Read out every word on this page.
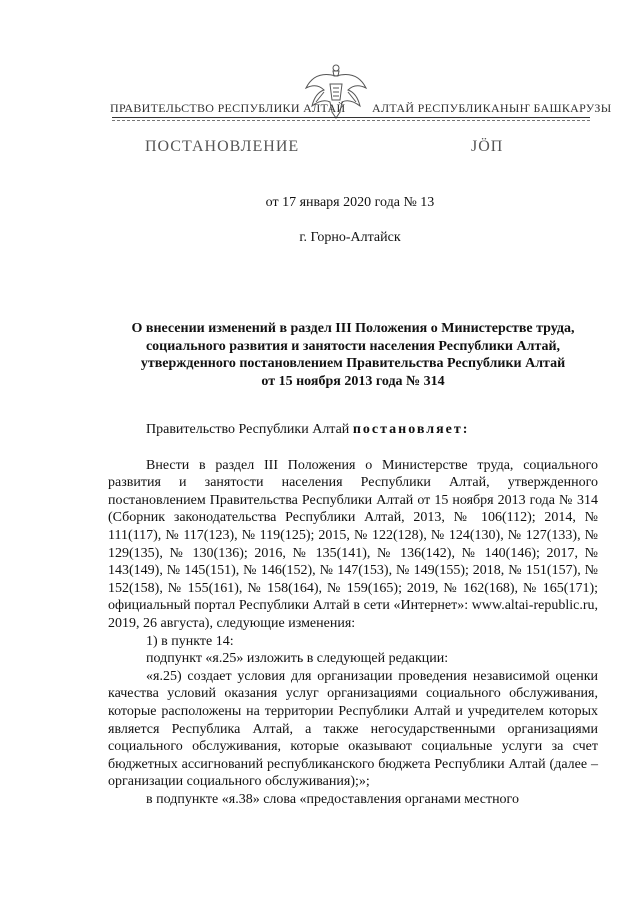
ПРАВИТЕЛЬСТВО РЕСПУБЛИКИ АЛТАЙ АЛТАЙ РЕСПУБЛИКАНЫҤ БАШКАРУЗЫ
ПОСТАНОВЛЕНИЕ	ЈӦП
от 17 января 2020 года № 13
г. Горно-Алтайск
О внесении изменений в раздел III Положения о Министерстве труда,
социального развития и занятости населения Республики Алтай,
утвержденного постановлением Правительства Республики Алтай
от 15 ноября 2013 года № 314

Правительство Республики Алтай постановляет:

Внести в раздел III Положения о Министерстве труда, социального развития и занятости населения Республики Алтай, утвержденного постановлением Правительства Республики Алтай от 15 ноября 2013 года № 314 (Сборник законодательства Республики Алтай, 2013, № 106(112); 2014, № 111(117), № 117(123), № 119(125); 2015, № 122(128), № 124(130), № 127(133), № 129(135), № 130(136); 2016, № 135(141), № 136(142), № 140(146); 2017, № 143(149), № 145(151), № 146(152), № 147(153), № 149(155); 2018, № 151(157), № 152(158), № 155(161), № 158(164), № 159(165); 2019, № 162(168), № 165(171); официальный портал Республики Алтай в сети «Интернет»: www.altai-republic.ru, 2019, 26 августа), следующие изменения:

1) в пункте 14:

подпункт «я.25» изложить в следующей редакции:

«я.25) создает условия для организации проведения независимой оценки качества условий оказания услуг организациями социального обслуживания, которые расположены на территории Республики Алтай и учредителем которых является Республика Алтай, а также негосударственными организациями социального обслуживания, которые оказывают социальные услуги за счет бюджетных ассигнований республиканского бюджета Республики Алтай (далее – организации социального обслуживания);»;

в подпункте «я.38» слова «предоставления органами местного
